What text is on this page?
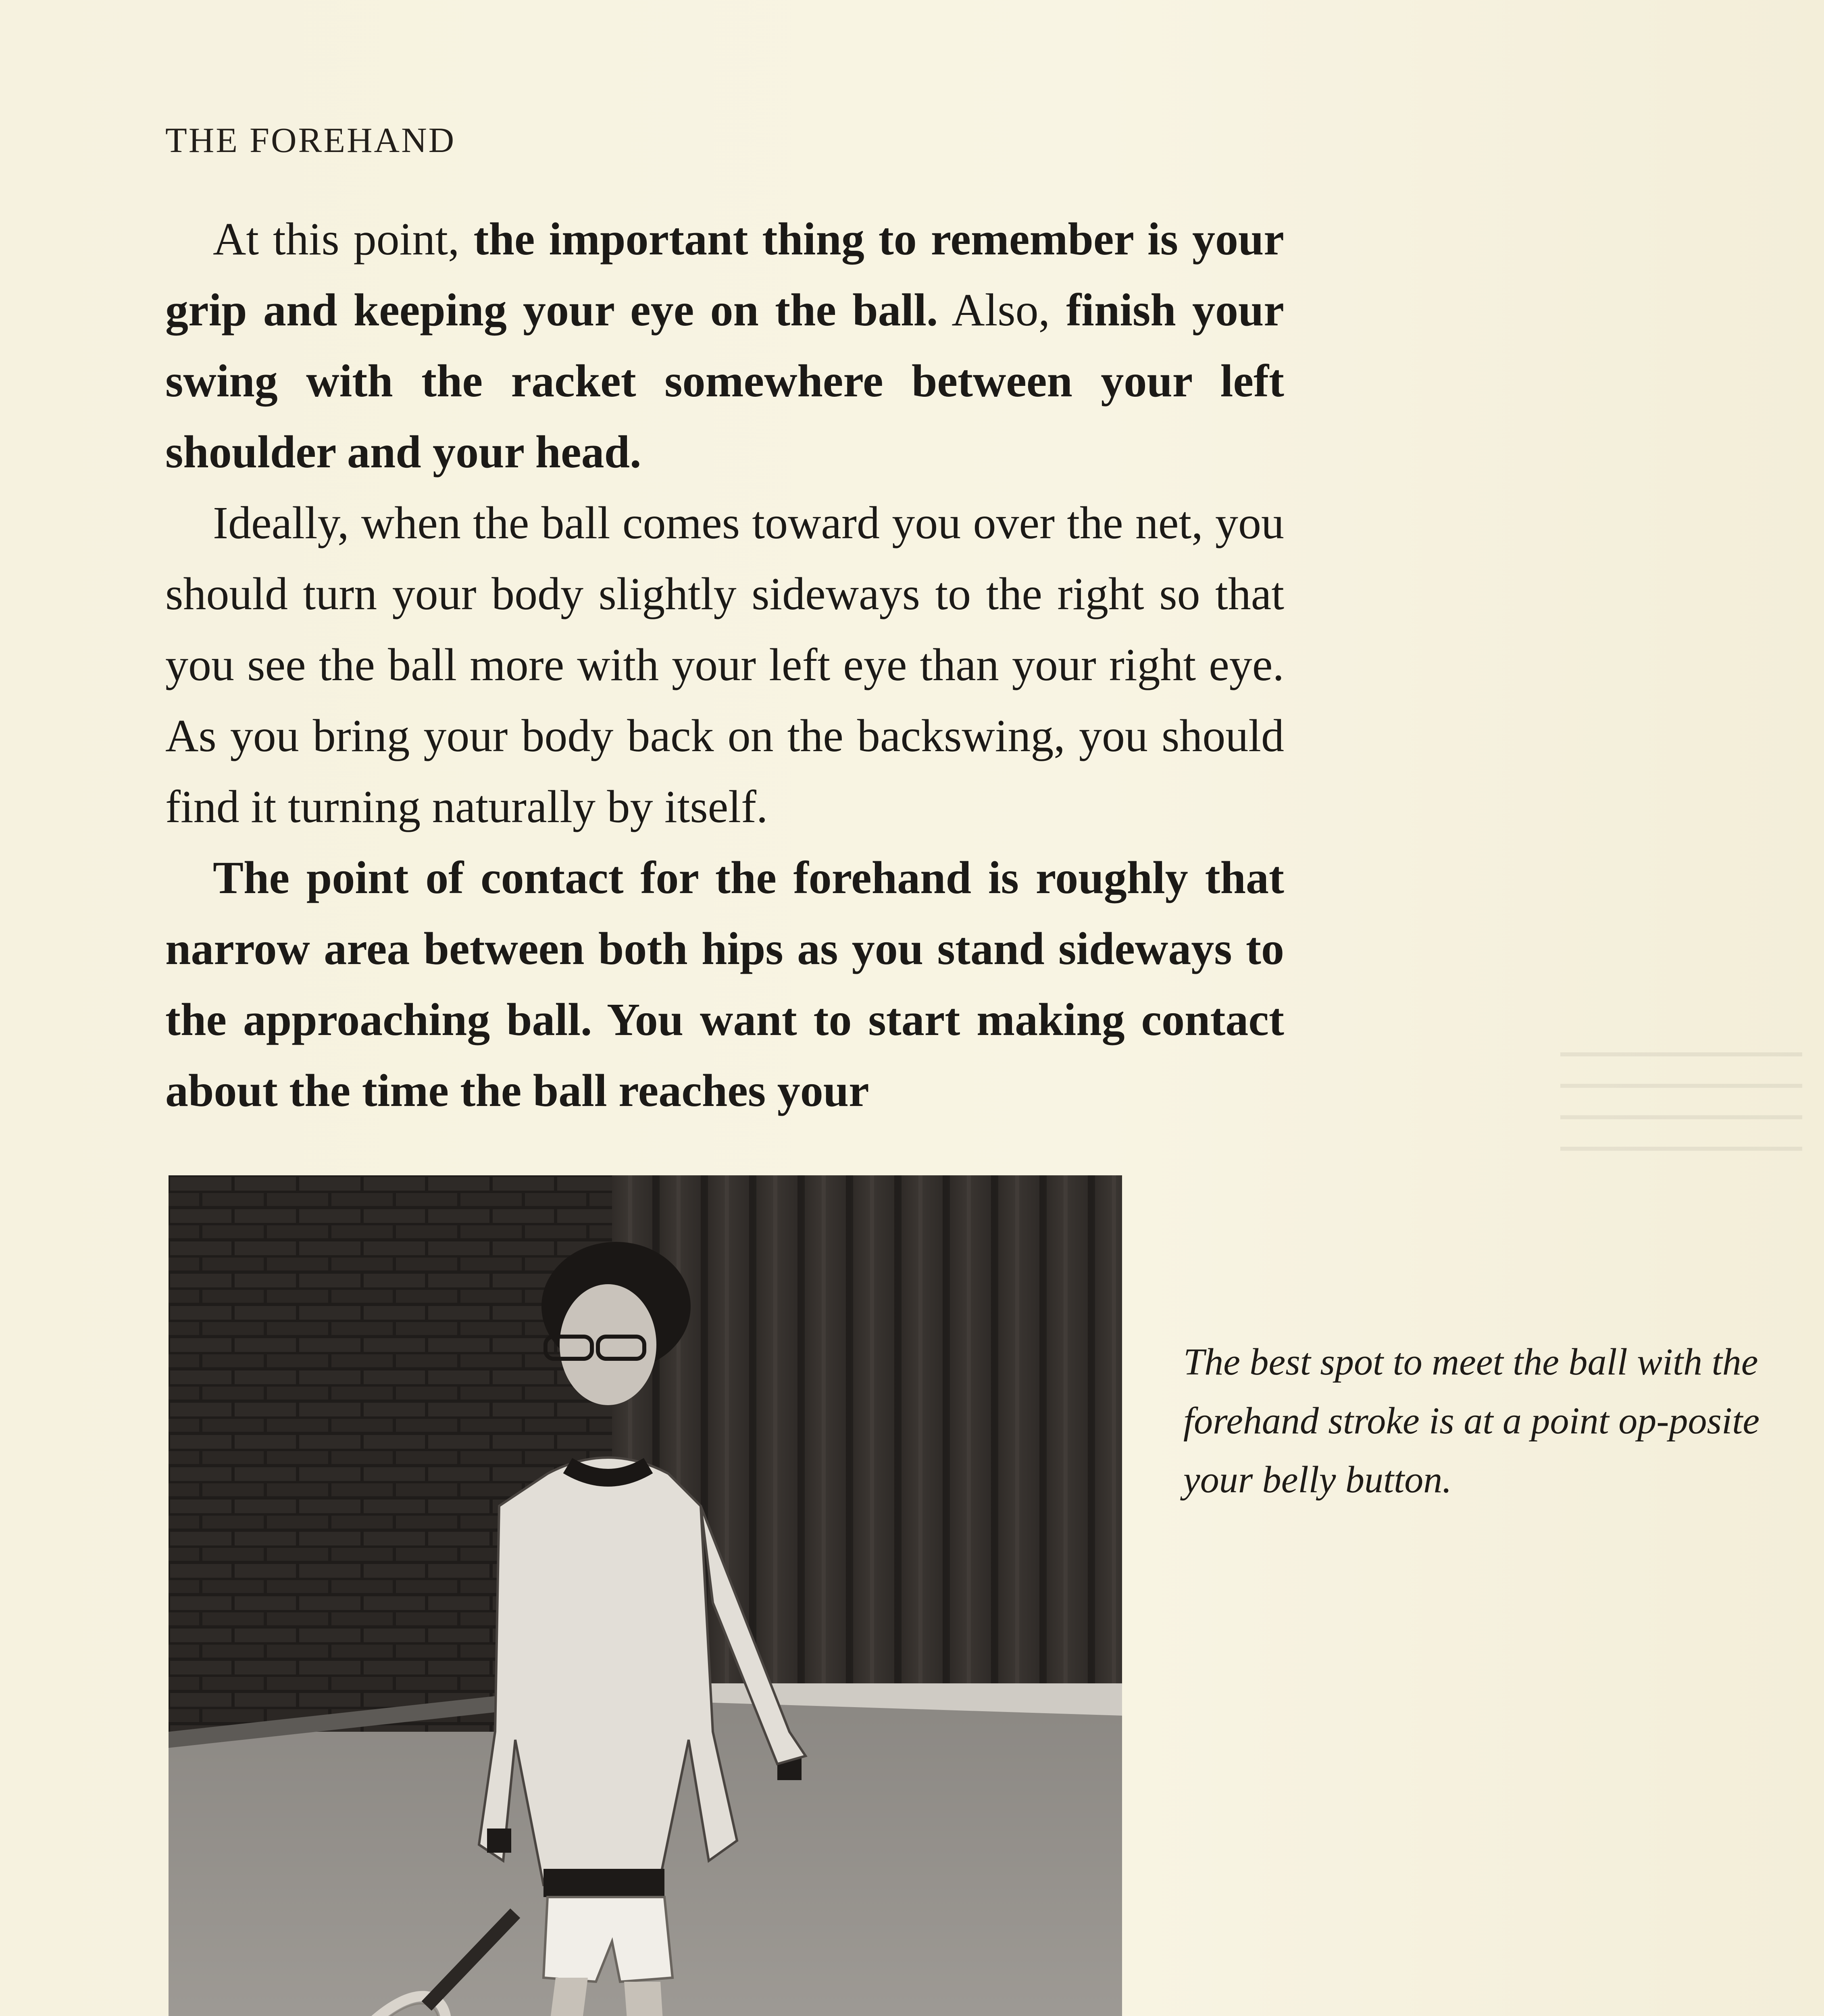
THE FOREHAND

At this point, the important thing to remember is your grip and keeping your eye on the ball. Also, finish your swing with the racket somewhere between your left shoulder and your head.

Ideally, when the ball comes toward you over the net, you should turn your body slightly sideways to the right so that you see the ball more with your left eye than your right eye. As you bring your body back on the backswing, you should find it turning naturally by itself.

The point of contact for the forehand is roughly that narrow area between both hips as you stand sideways to the approaching ball. You want to start making contact about the time the ball reaches your

The best spot to meet the ball with the forehand stroke is at a point op-posite your belly button.
